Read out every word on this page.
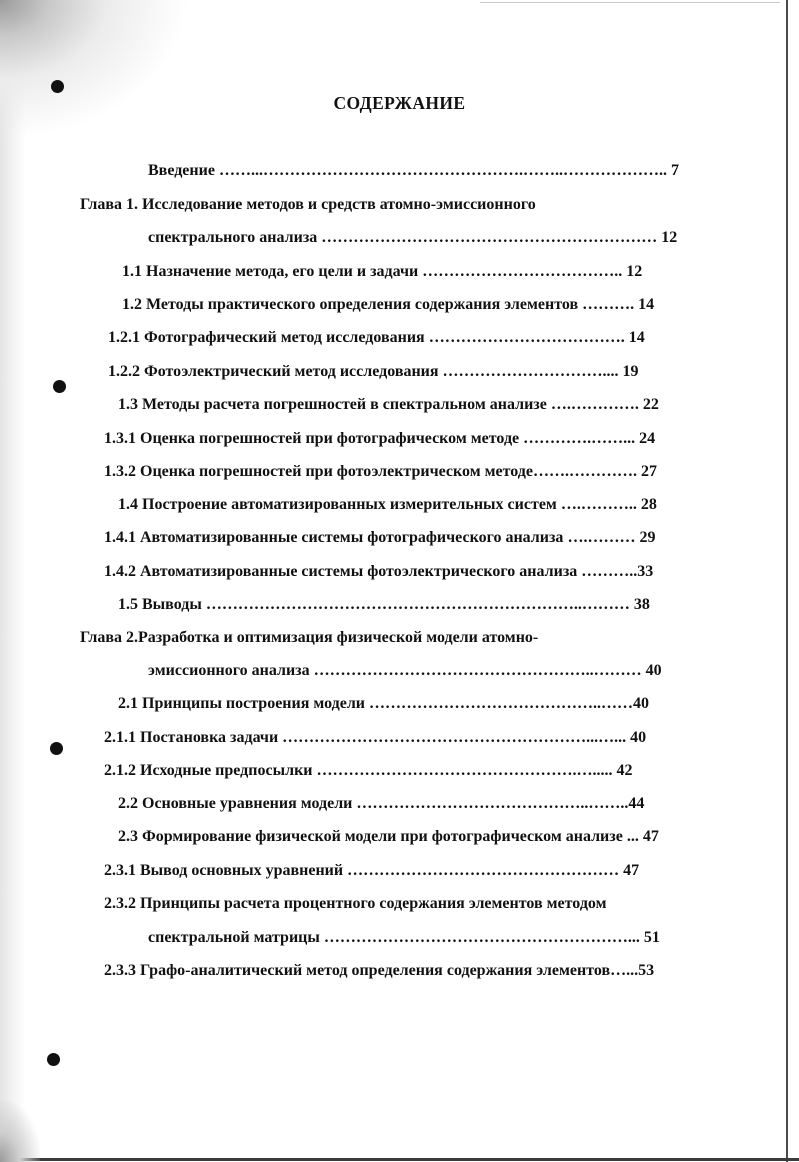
СОДЕРЖАНИЕ
Введение ……...………………………………………….……..……………….. 7
Глава 1. Исследование методов и средств атомно-эмиссионного
спектрального анализа ……………………………………………………… 12
1.1 Назначение метода, его цели и задачи ……………………………….. 12
1.2 Методы практического определения содержания элементов ………. 14
1.2.1 Фотографический метод исследования ………………………………. 14
1.2.2 Фотоэлектрический метод исследования ………………………….... 19
1.3 Методы расчета погрешностей в спектральном анализе ….…………. 22
1.3.1 Оценка погрешностей при фотографическом методе ………….……... 24
1.3.2 Оценка погрешностей при фотоэлектрическом методе…….…………. 27
1.4 Построение автоматизированных измерительных систем ….……….. 28
1.4.1 Автоматизированные системы фотографического анализа ….……… 29
1.4.2 Автоматизированные системы фотоэлектрического анализа ………..33
1.5 Выводы ……………………………………………………………..……… 38
Глава 2.Разработка и оптимизация физической модели атомно-
эмиссионного анализа ……………………………………………..……… 40
2.1 Принципы построения модели ……………………………………..……40
2.1.1 Постановка задачи …………………………………………………...…... 40
2.1.2 Исходные предпосылки ………………………………………….…..... 42
2.2 Основные уравнения модели ……………………………………..……..44
2.3 Формирование физической модели при фотографическом анализе ... 47
2.3.1 Вывод основных уравнений …………………………………………… 47
2.3.2 Принципы расчета процентного содержания элементов методом
спектральной матрицы …………………………………………………... 51
2.3.3 Графо-аналитический метод определения содержания элементов…...53
